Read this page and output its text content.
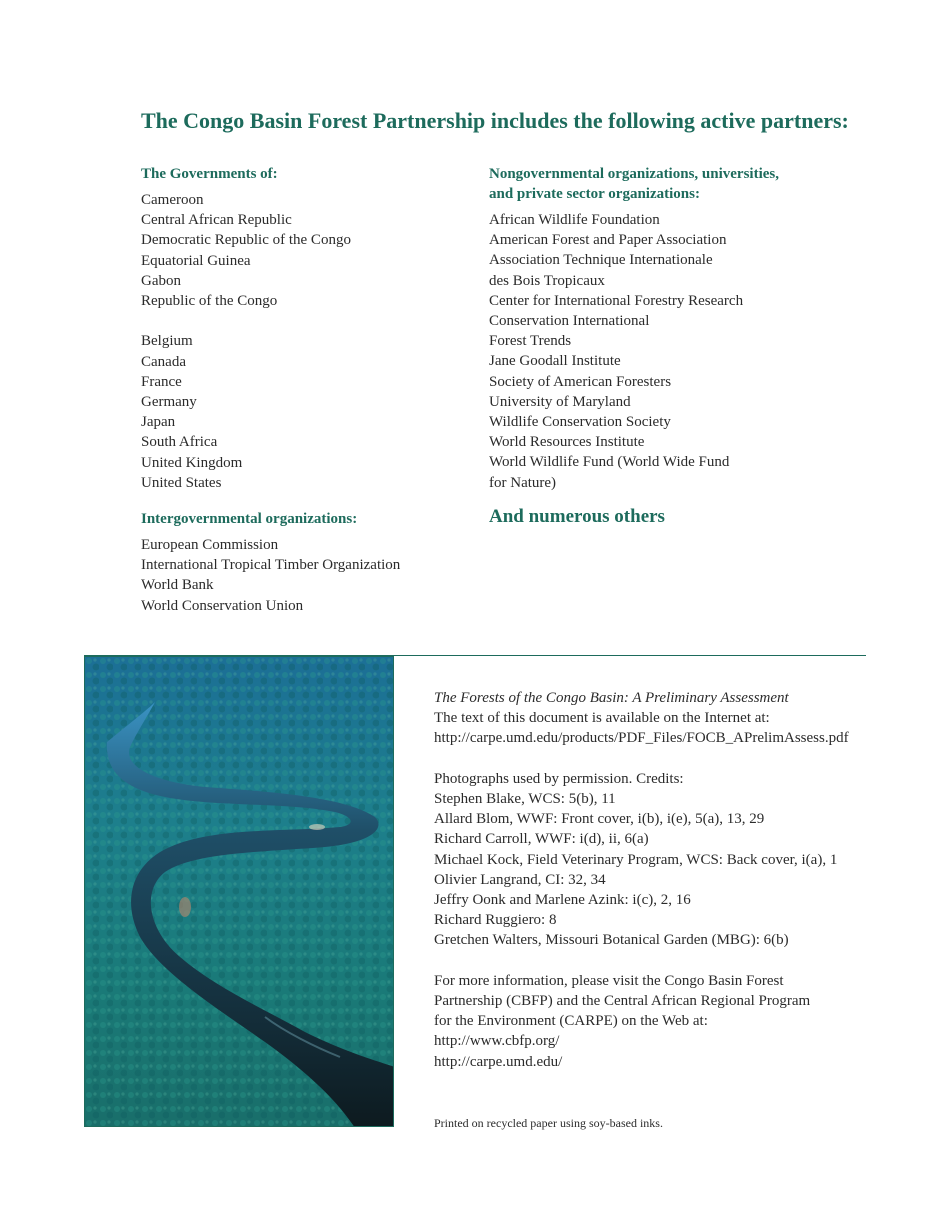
The Congo Basin Forest Partnership includes the following active partners:
The Governments of:
Cameroon
Central African Republic
Democratic Republic of the Congo
Equatorial Guinea
Gabon
Republic of the Congo
Belgium
Canada
France
Germany
Japan
South Africa
United Kingdom
United States
Intergovernmental organizations:
European Commission
International Tropical Timber Organization
World Bank
World Conservation Union
Nongovernmental organizations, universities,
and private sector organizations:
African Wildlife Foundation
American Forest and Paper Association
Association Technique Internationale
des Bois Tropicaux
Center for International Forestry Research
Conservation International
Forest Trends
Jane Goodall Institute
Society of American Foresters
University of Maryland
Wildlife Conservation Society
World Resources Institute
World Wildlife Fund (World Wide Fund
for Nature)
And numerous others

The Forests of the Congo Basin: A Preliminary Assessment

The text of this document is available on the Internet at:

http://carpe.umd.edu/products/PDF_Files/FOCB_APrelimAssess.pdf

Photographs used by permission. Credits:

Stephen Blake, WCS: 5(b), 11

Allard Blom, WWF: Front cover, i(b), i(e), 5(a), 13, 29

Richard Carroll, WWF: i(d), ii, 6(a)

Michael Kock, Field Veterinary Program, WCS: Back cover, i(a), 1

Olivier Langrand, CI: 32, 34

Jeffry Oonk and Marlene Azink: i(c), 2, 16

Richard Ruggiero: 8

Gretchen Walters, Missouri Botanical Garden (MBG): 6(b)

For more information, please visit the Congo Basin Forest

Partnership (CBFP) and the Central African Regional Program

for the Environment (CARPE) on the Web at:

http://www.cbfp.org/

http://carpe.umd.edu/

Printed on recycled paper using soy-based inks.
